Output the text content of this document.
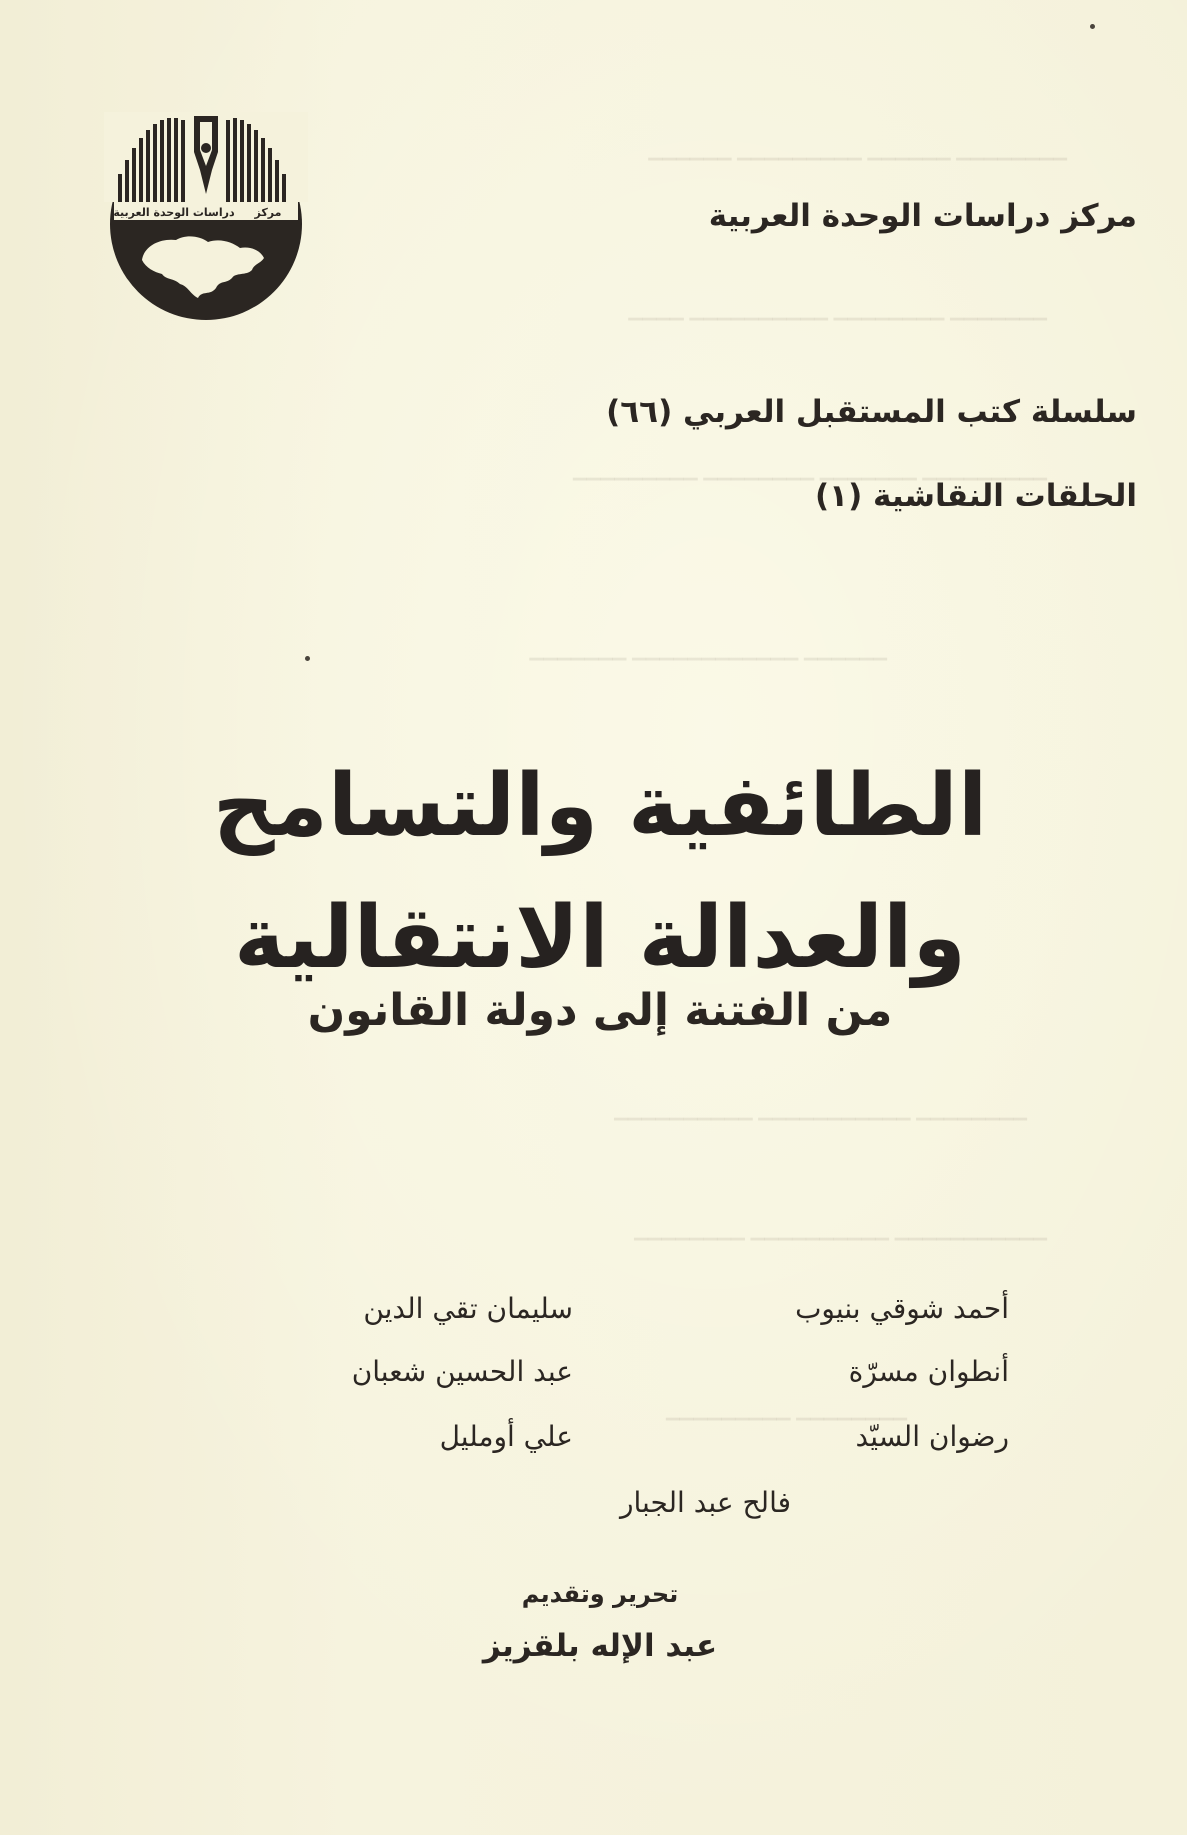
▁▁▁▁▁▁▁▁ ▁▁▁▁▁▁ ▁▁▁▁▁▁▁▁▁ ▁▁▁▁▁▁
▁▁▁▁▁▁▁ ▁▁▁▁▁▁▁▁ ▁▁▁▁▁▁▁▁▁▁ ▁▁▁▁
▁▁▁▁▁▁▁▁▁ ▁▁▁▁▁▁▁ ▁▁▁▁▁▁▁▁ ▁▁▁▁▁▁▁▁▁
▁▁▁▁▁▁ ▁▁▁▁▁▁▁▁▁▁▁▁ ▁▁▁▁▁▁▁
▁▁▁▁▁▁▁▁ ▁▁▁▁▁▁▁▁▁▁▁ ▁▁▁▁▁▁▁▁▁▁
▁▁▁▁▁▁▁▁▁▁▁ ▁▁▁▁▁▁▁▁▁▁ ▁▁▁▁▁▁▁▁
▁▁▁▁▁▁▁▁ ▁▁▁▁▁▁▁▁▁
دراسات الوحدة العربية مركز	مركز دراسات الوحدة العربية
سلسلة كتب المستقبل العربي (٦٦)
الحلقات النقاشية (١)
الطائفية والتسامح
والعدالة الانتقالية
من الفتنة إلى دولة القانون
أحمد شوقي بنيوب
سليمان تقي الدين
أنطوان مسرّة
عبد الحسين شعبان
رضوان السيّد
علي أومليل
فالح عبد الجبار
تحرير وتقديم
عبد الإله بلقزيز
